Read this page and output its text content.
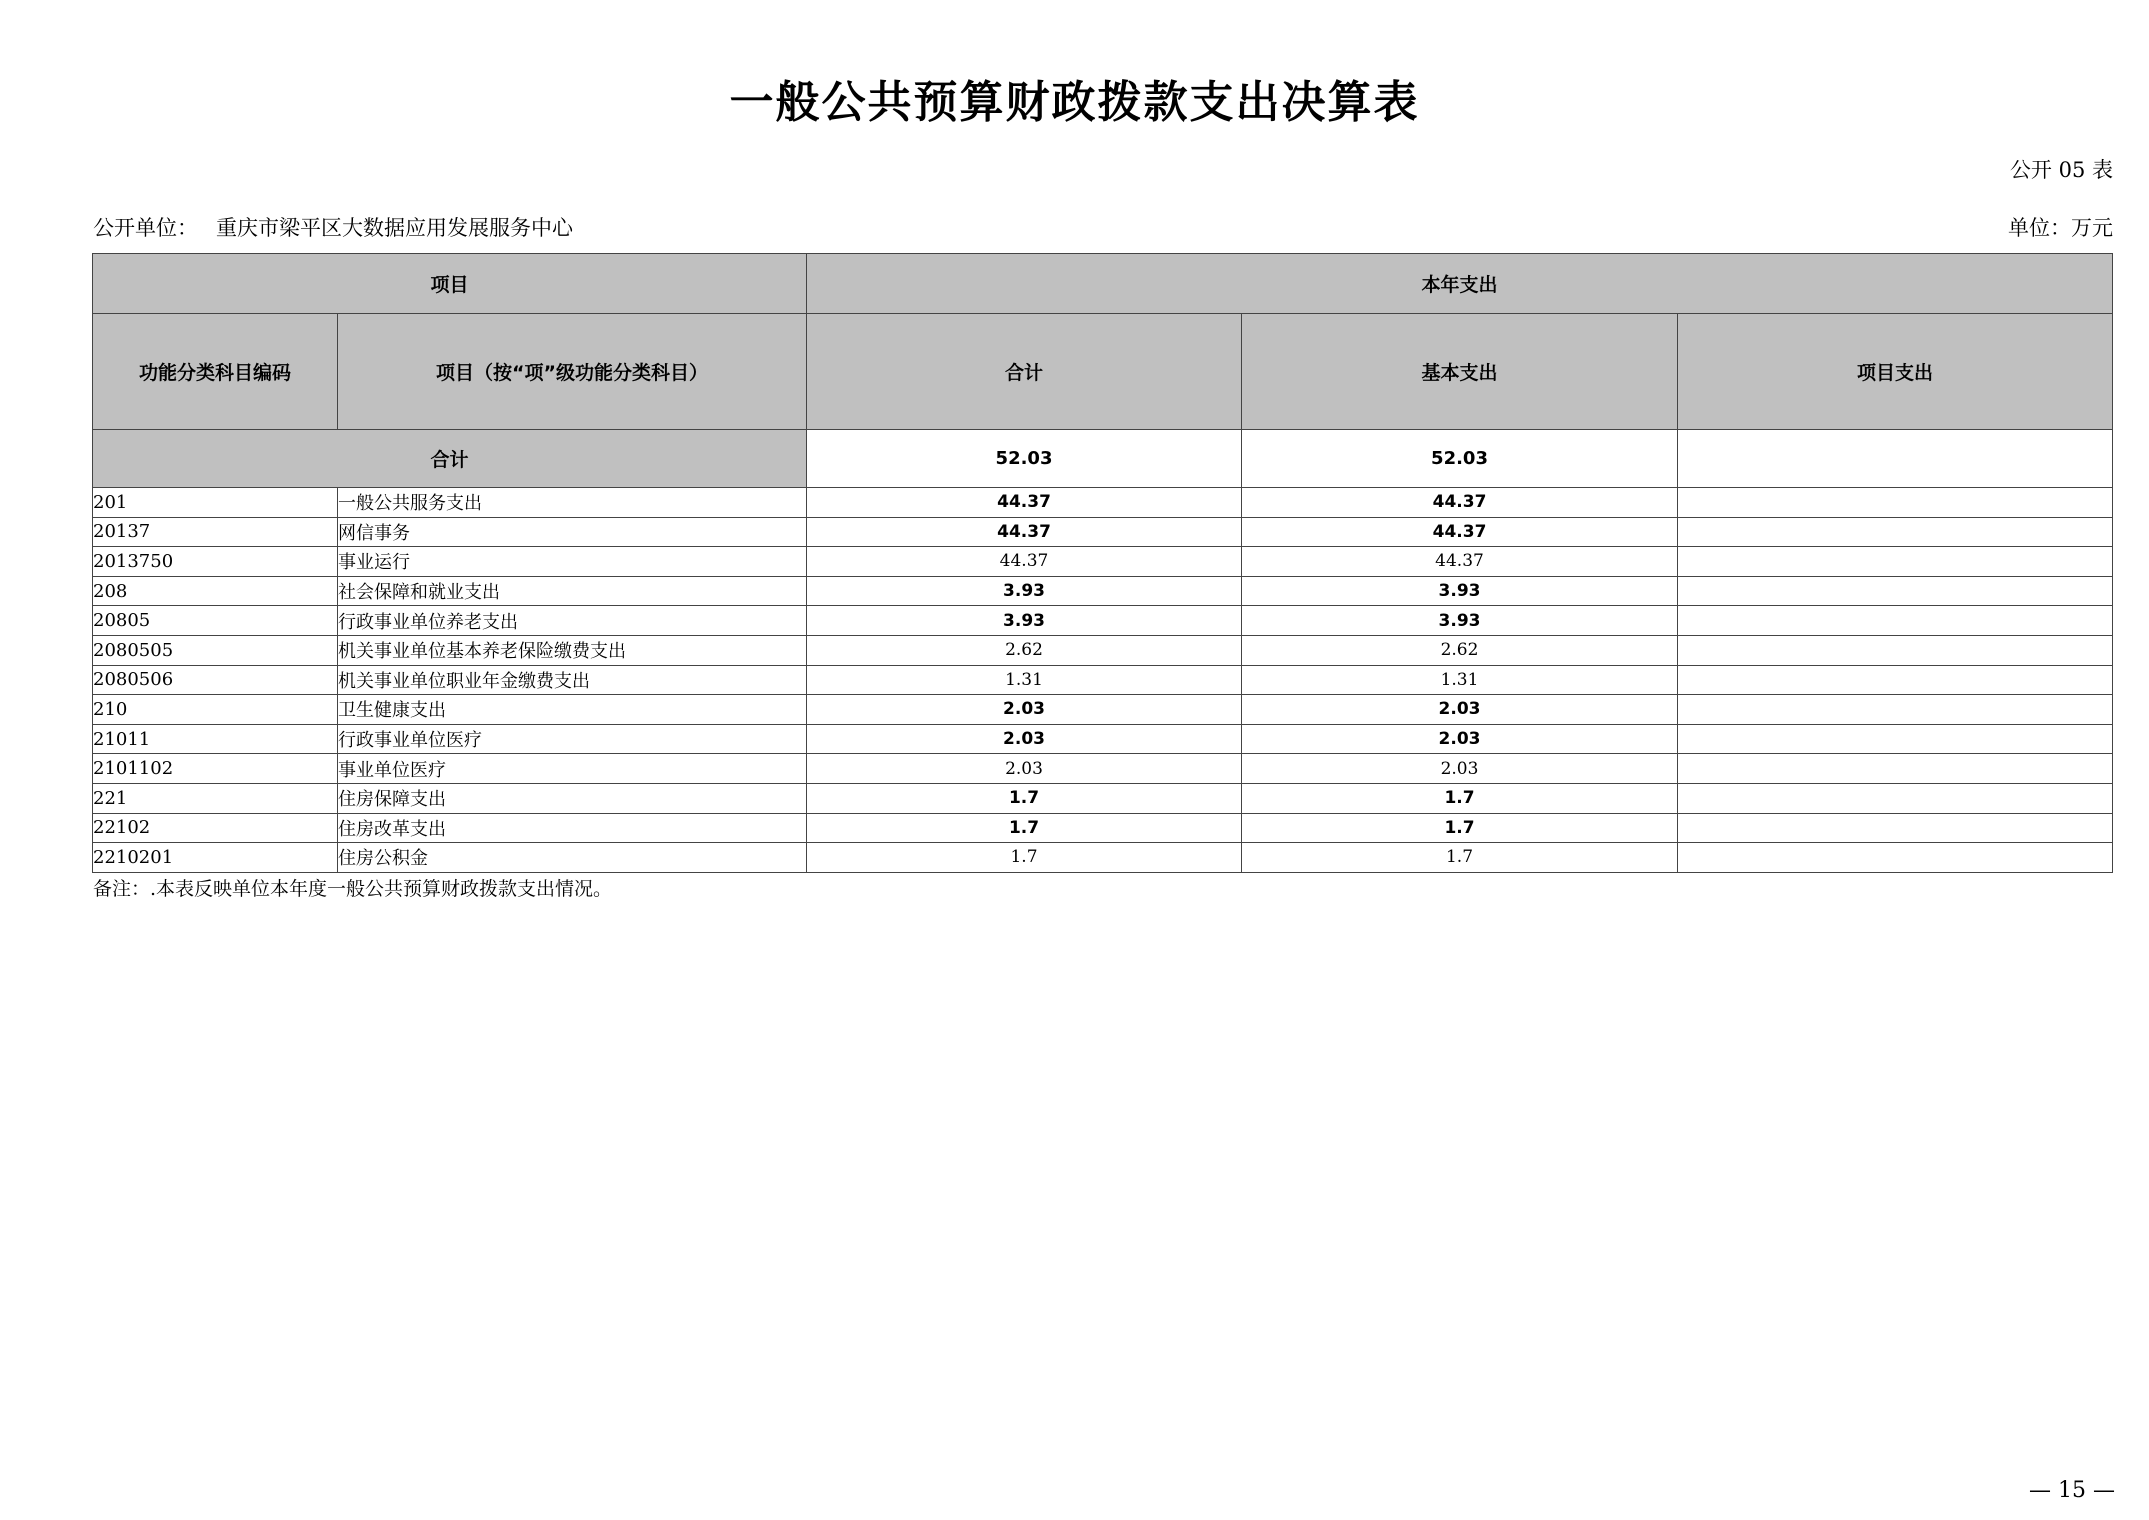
一般公共预算财政拨款支出决算表
公开 05 表
公开单位： 重庆市梁平区大数据应用发展服务中心	单位：万元
项目		本年支出		
功能分类科目编码	项目（按“项”级功能分类科目）	合计	基本支出	项目支出
合计		52.03	52.03	
201	一般公共服务支出	44.37	44.37	
20137	网信事务	44.37	44.37	
2013750	事业运行	44.37	44.37	
208	社会保障和就业支出	3.93	3.93	
20805	行政事业单位养老支出	3.93	3.93	
2080505	机关事业单位基本养老保险缴费支出	2.62	2.62	
2080506	机关事业单位职业年金缴费支出	1.31	1.31	
210	卫生健康支出	2.03	2.03	
21011	行政事业单位医疗	2.03	2.03	
2101102	事业单位医疗	2.03	2.03	
221	住房保障支出	1.7	1.7	
22102	住房改革支出	1.7	1.7	
2210201	住房公积金	1.7	1.7	
备注：.本表反映单位本年度一般公共预算财政拨款支出情况。
— 15 —
